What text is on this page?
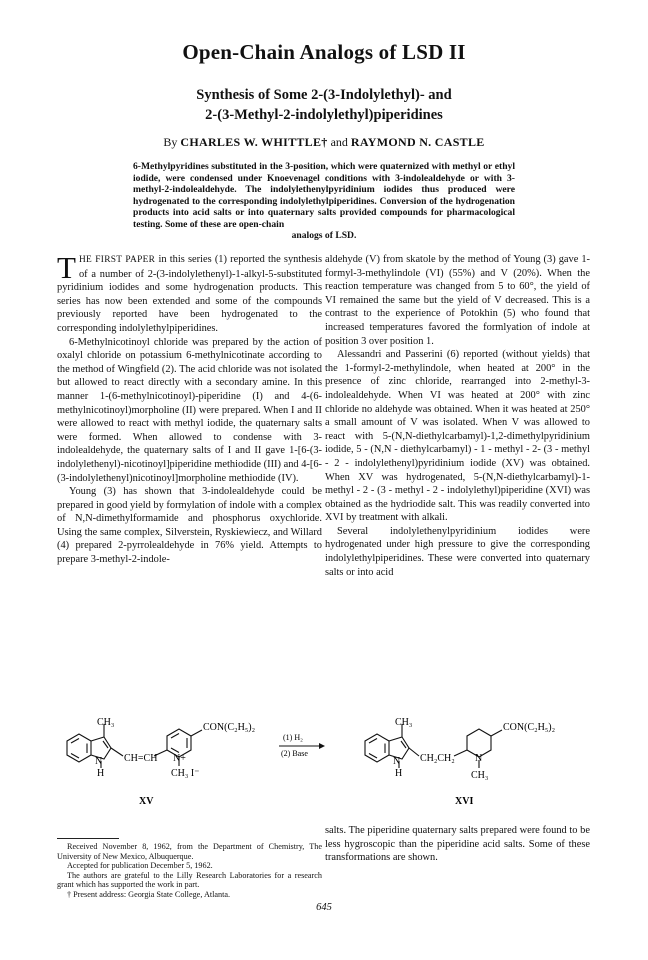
Open-Chain Analogs of LSD II
Synthesis of Some 2-(3-Indolylethyl)- and
2-(3-Methyl-2-indolylethyl)piperidines
By CHARLES W. WHITTLE† and RAYMOND N. CASTLE

6-Methylpyridines substituted in the 3-position, which were quaternized with methyl or ethyl iodide, were condensed under Knoevenagel conditions with 3-indolealdehyde or with 3-methyl-2-indolealdehyde. The indolylethenylpyridinium iodides thus produced were hydrogenated to the corresponding indolylethylpiperidines. Conversion of the hydrogenation products into acid salts or into quaternary salts provided compounds for pharmacological testing. Some of these are open-chain

analogs of LSD.

THE FIRST PAPER in this series (1) reported the synthesis of a number of 2-(3-indolylethenyl)-1-alkyl-5-substituted pyridinium iodides and some hydrogenation products. This series has now been extended and some of the compounds previously reported have been hydrogenated to the corresponding indolylethylpiperidines.

6-Methylnicotinoyl chloride was prepared by the action of oxalyl chloride on potassium 6-methylnicotinate according to the method of Wingfield (2). The acid chloride was not isolated but allowed to react directly with a secondary amine. In this manner 1-(6-methylnicotinoyl)-piperidine (I) and 4-(6-methylnicotinoyl)morpholine (II) were prepared. When I and II were allowed to react with methyl iodide, the quaternary salts were formed. When allowed to condense with 3-indolealdehyde, the quaternary salts of I and II gave 1-[6-(3-indolylethenyl)-nicotinoyl]piperidine methiodide (III) and 4-[6-(3-indolylethenyl)nicotinoyl]morpholine methiodide (IV).

Young (3) has shown that 3-indolealdehyde could be prepared in good yield by formylation of indole with a complex of N,N-dimethylformamide and phosphorus oxychloride. Using the same complex, Silverstein, Ryskiewiecz, and Willard (4) prepared 2-pyrrolealdehyde in 76% yield. Attempts to prepare 3-methyl-2-indole-

aldehyde (V) from skatole by the method of Young (3) gave 1-formyl-3-methylindole (VI) (55%) and V (20%). When the reaction temperature was changed from 5 to 60°, the yield of VI remained the same but the yield of V decreased. This is a contrast to the experience of Potokhin (5) who found that increased temperatures favored the formlyation of indole at position 3 over position 1.

Alessandri and Passerini (6) reported (without yields) that the 1-formyl-2-methylindole, when heated at 200° in the presence of zinc chloride, rearranged into 2-methyl-3-indolealdehyde. When VI was heated at 200° with zinc chloride no aldehyde was obtained. When it was heated at 250° a small amount of V was isolated. When V was allowed to react with 5-(N,N-diethylcarbamyl)-1,2-dimethylpyridinium iodide, 5 - (N,N - diethylcarbamyl) - 1 - methyl - 2- (3 - methyl - 2 - indolylethenyl)pyridinium iodide (XV) was obtained. When XV was hydrogenated, 5-(N,N-diethylcarbamyl)-1- methyl - 2 - (3 - methyl - 2 - indolylethyl)piperidine (XVI) was obtained as the hydriodide salt. This was readily converted into XVI by treatment with alkali.

Several indolylethenylpyridinium iodides were hydrogenated under high pressure to give the corresponding indolylethylpiperidines. These were converted into quaternary salts or into acid

CH₃	CON(C₂H₅)₂
CH=CH
N
H
N+
CH₃ I⁻
(1) H₂
(2) Base
XV
CH₃	CON(C₂H₅)₂
CH₂CH₂
N
H
N
CH₃
XVI
Received November 8, 1962, from the Department of Chemistry, The University of New Mexico, Albuquerque.
Accepted for publication December 5, 1962.
The authors are grateful to the Lilly Research Laboratories for a research grant which has supported the work in part.
† Present address: Georgia State College, Atlanta.
salts. The piperidine quaternary salts prepared were found to be less hygroscopic than the piperidine acid salts. Some of these transformations are shown.
645
